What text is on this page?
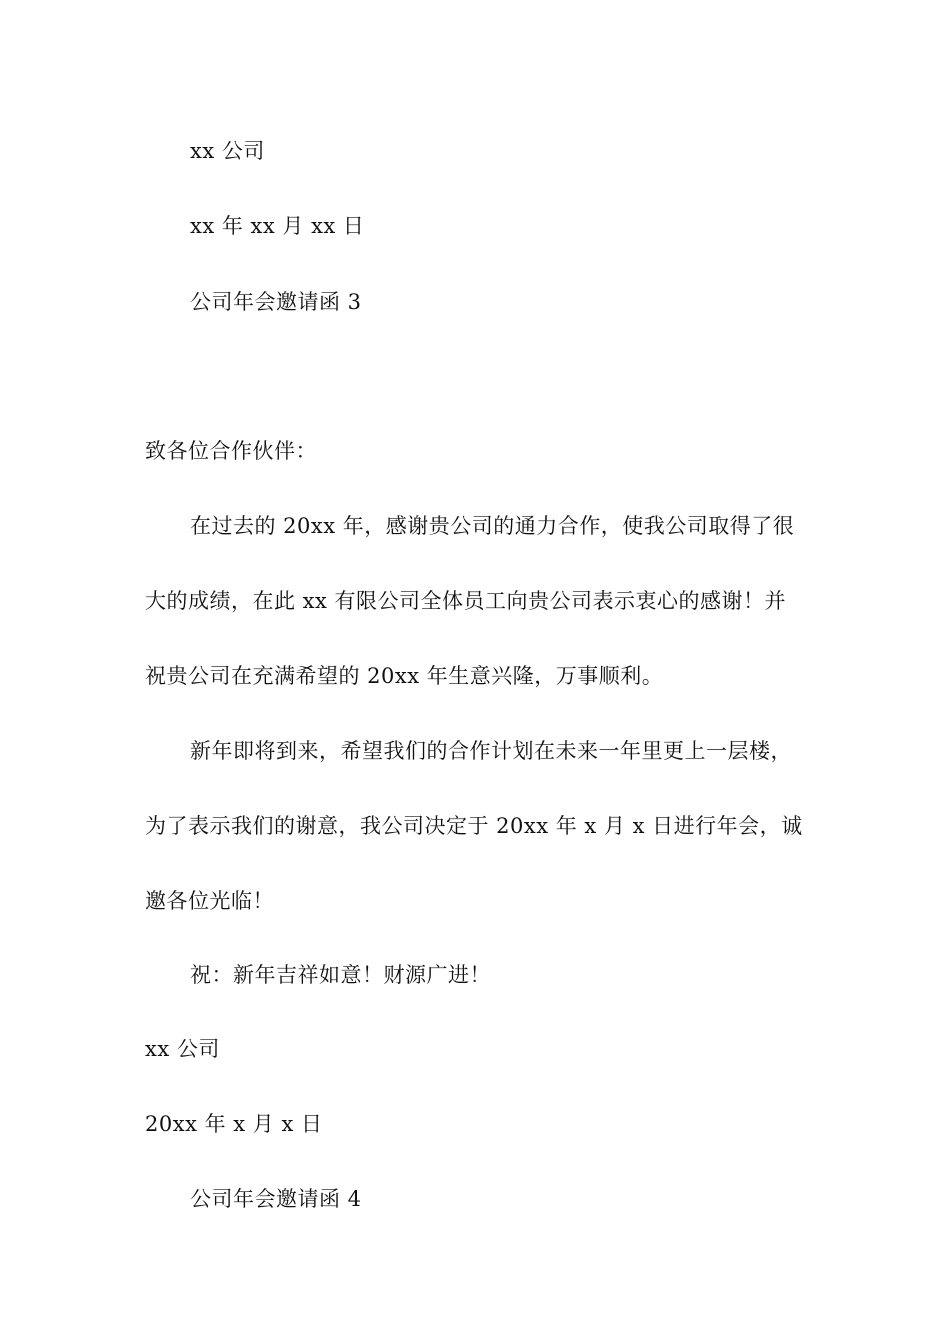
xx 公司
xx 年 xx 月 xx 日
公司年会邀请函 3
致各位合作伙伴：
在过去的 20xx 年，感谢贵公司的通力合作，使我公司取得了很
大的成绩，在此 xx 有限公司全体员工向贵公司表示衷心的感谢！并
祝贵公司在充满希望的 20xx 年生意兴隆，万事顺利。
新年即将到来，希望我们的合作计划在未来一年里更上一层楼，
为了表示我们的谢意，我公司决定于 20xx 年 x 月 x 日进行年会，诚
邀各位光临！
祝：新年吉祥如意！财源广进！
xx 公司
20xx 年 x 月 x 日
公司年会邀请函 4
